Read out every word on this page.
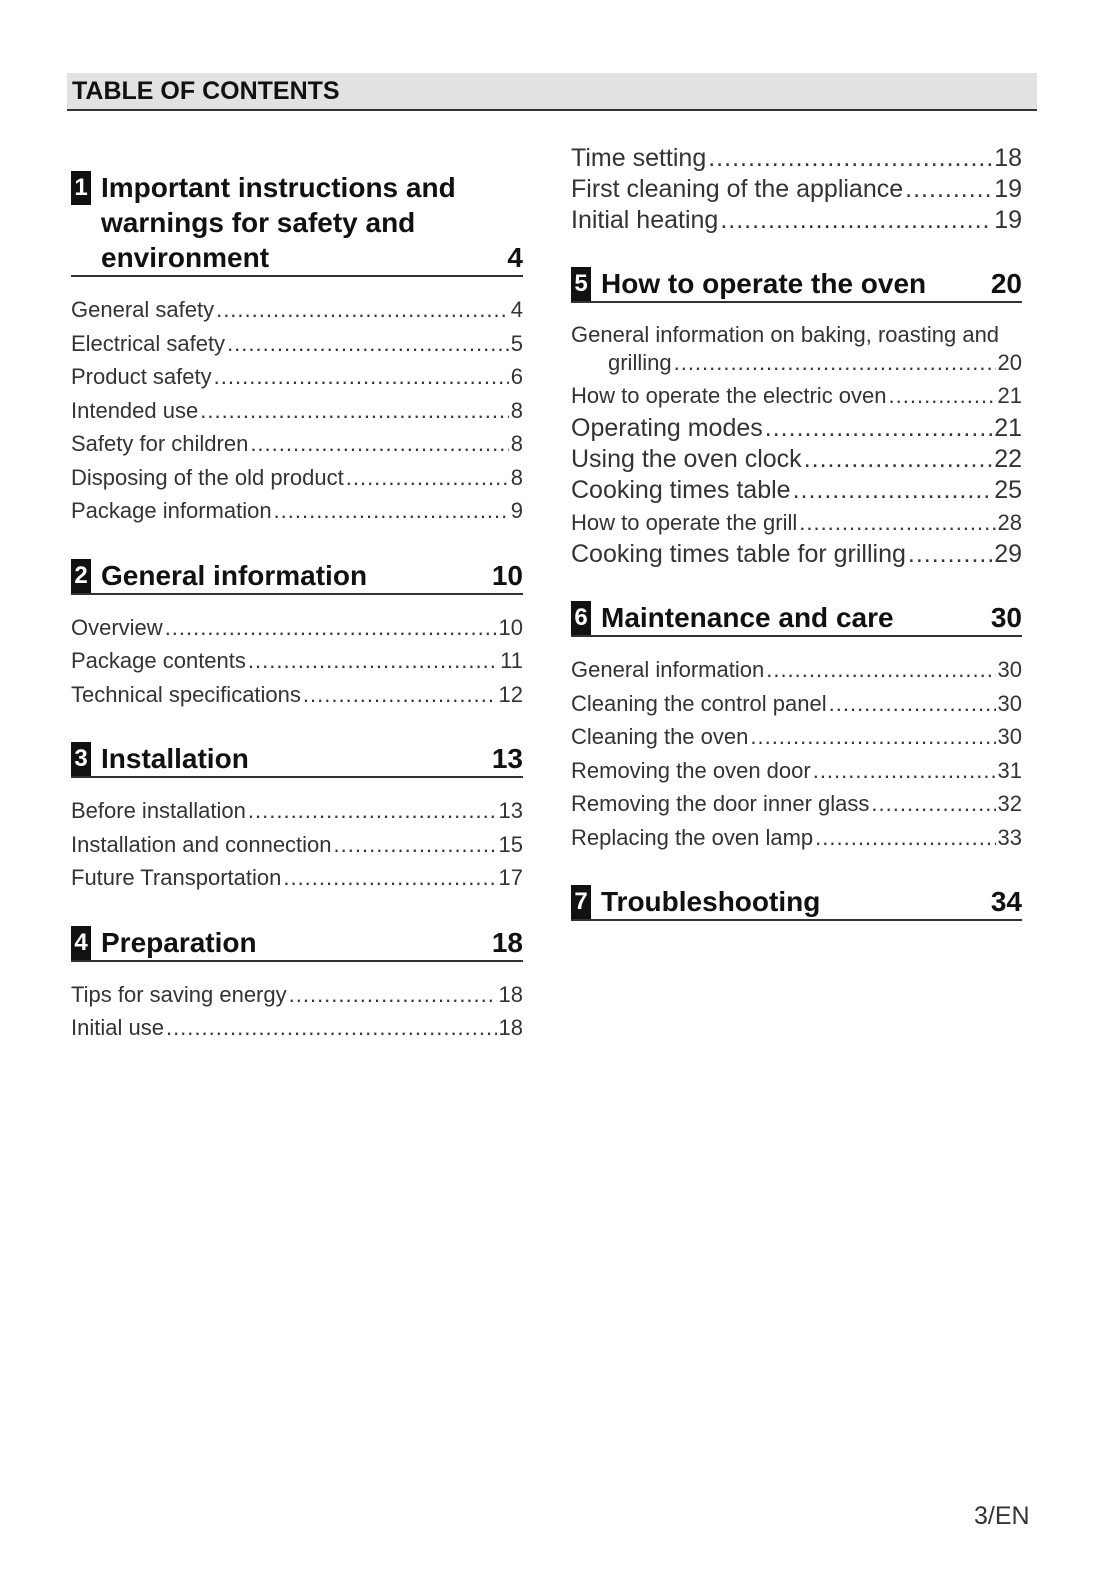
TABLE OF CONTENTS
1 Important instructions and warnings for safety and environment	4
General safety .....	4
Electrical safety .....	5
Product safety .....	6
Intended use .....	8
Safety for children .....	8
Disposing of the old product .....	8
Package information .....	9
2 General information	10
Overview .....	10
Package contents .....	11
Technical specifications .....	12
3 Installation	13
Before installation .....	13
Installation and connection .....	15
Future Transportation .....	17
4 Preparation	18
Tips for saving energy .....	18
Initial use .....	18
Time setting .....	18
First cleaning of the appliance .....	19
Initial heating .....	19
5 How to operate the oven	20
General information on baking, roasting and
grilling .....	20
How to operate the electric oven .....	21
Operating modes .....	21
Using the oven clock .....	22
Cooking times table .....	25
How to operate the grill .....	28
Cooking times table for grilling .....	29
6 Maintenance and care	30
General information .....	30
Cleaning the control panel .....	30
Cleaning the oven .....	30
Removing the oven door .....	31
Removing the door inner glass .....	32
Replacing the oven lamp .....	33
7 Troubleshooting	34
3/EN
